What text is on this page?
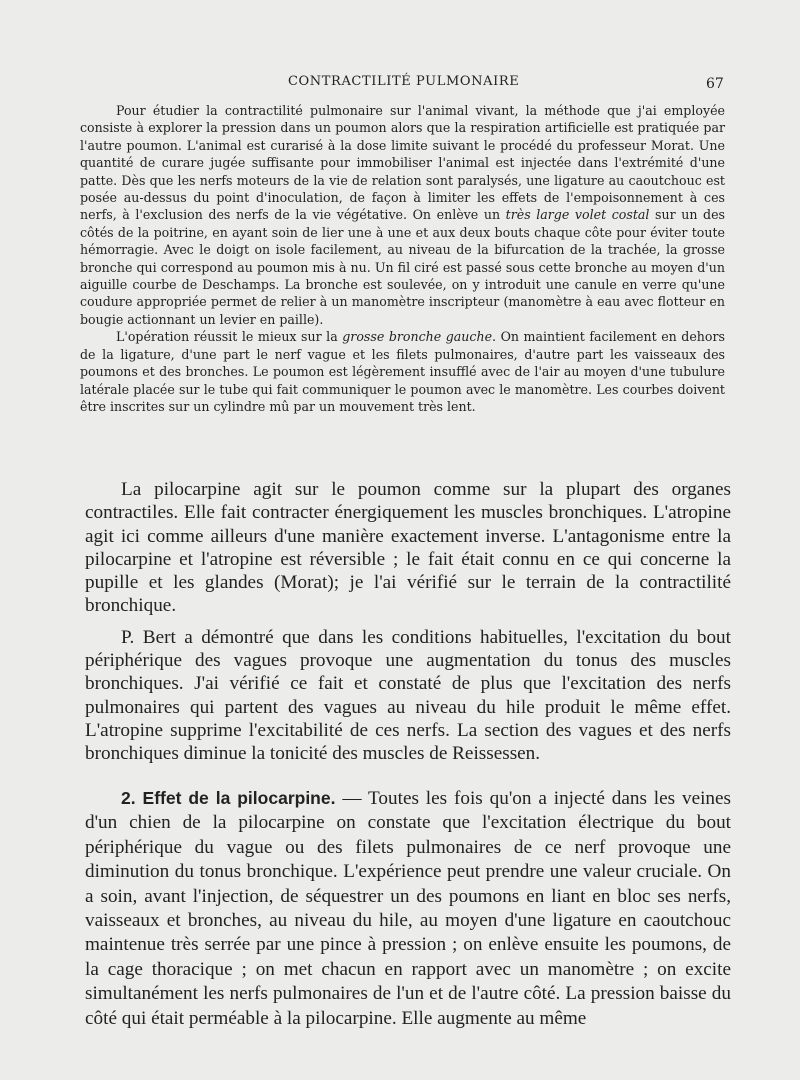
CONTRACTILITÉ PULMONAIRE	67

Pour étudier la contractilité pulmonaire sur l'animal vivant, la méthode que j'ai employée consiste à explorer la pression dans un poumon alors que la respiration artificielle est pratiquée par l'autre poumon. L'animal est curarisé à la dose limite suivant le procédé du professeur Morat. Une quantité de curare jugée suffisante pour immobiliser l'animal est injectée dans l'extrémité d'une patte. Dès que les nerfs moteurs de la vie de relation sont paralysés, une ligature au caoutchouc est posée au-dessus du point d'inoculation, de façon à limiter les effets de l'empoisonnement à ces nerfs, à l'exclusion des nerfs de la vie végétative. On enlève un très large volet costal sur un des côtés de la poitrine, en ayant soin de lier une à une et aux deux bouts chaque côte pour éviter toute hémorragie. Avec le doigt on isole facilement, au niveau de la bifurcation de la trachée, la grosse bronche qui correspond au poumon mis à nu. Un fil ciré est passé sous cette bronche au moyen d'un aiguille courbe de Deschamps. La bronche est soulevée, on y introduit une canule en verre qu'une coudure appropriée permet de relier à un manomètre inscripteur (manomètre à eau avec flotteur en bougie actionnant un levier en paille).

L'opération réussit le mieux sur la grosse bronche gauche. On maintient facilement en dehors de la ligature, d'une part le nerf vague et les filets pulmonaires, d'autre part les vaisseaux des poumons et des bronches. Le poumon est légèrement insufflé avec de l'air au moyen d'une tubulure latérale placée sur le tube qui fait communiquer le poumon avec le manomètre. Les courbes doivent être inscrites sur un cylindre mû par un mouvement très lent.

La pilocarpine agit sur le poumon comme sur la plupart des organes contractiles. Elle fait contracter énergiquement les muscles bronchiques. L'atropine agit ici comme ailleurs d'une manière exactement inverse. L'antagonisme entre la pilocarpine et l'atropine est réversible ; le fait était connu en ce qui concerne la pupille et les glandes (Morat); je l'ai vérifié sur le terrain de la contractilité bronchique.

P. Bert a démontré que dans les conditions habituelles, l'excitation du bout périphérique des vagues provoque une augmentation du tonus des muscles bronchiques. J'ai vérifié ce fait et constaté de plus que l'excitation des nerfs pulmonaires qui partent des vagues au niveau du hile produit le même effet. L'atropine supprime l'excitabilité de ces nerfs. La section des vagues et des nerfs bronchiques diminue la tonicité des muscles de Reissessen.

2. Effet de la pilocarpine. — Toutes les fois qu'on a injecté dans les veines d'un chien de la pilocarpine on constate que l'excitation électrique du bout périphérique du vague ou des filets pulmonaires de ce nerf provoque une diminution du tonus bronchique. L'expérience peut prendre une valeur cruciale. On a soin, avant l'injection, de séquestrer un des poumons en liant en bloc ses nerfs, vaisseaux et bronches, au niveau du hile, au moyen d'une ligature en caoutchouc maintenue très serrée par une pince à pression ; on enlève ensuite les poumons, de la cage thoracique ; on met chacun en rapport avec un manomètre ; on excite simultanément les nerfs pulmonaires de l'un et de l'autre côté. La pression baisse du côté qui était perméable à la pilocarpine. Elle augmente au même
